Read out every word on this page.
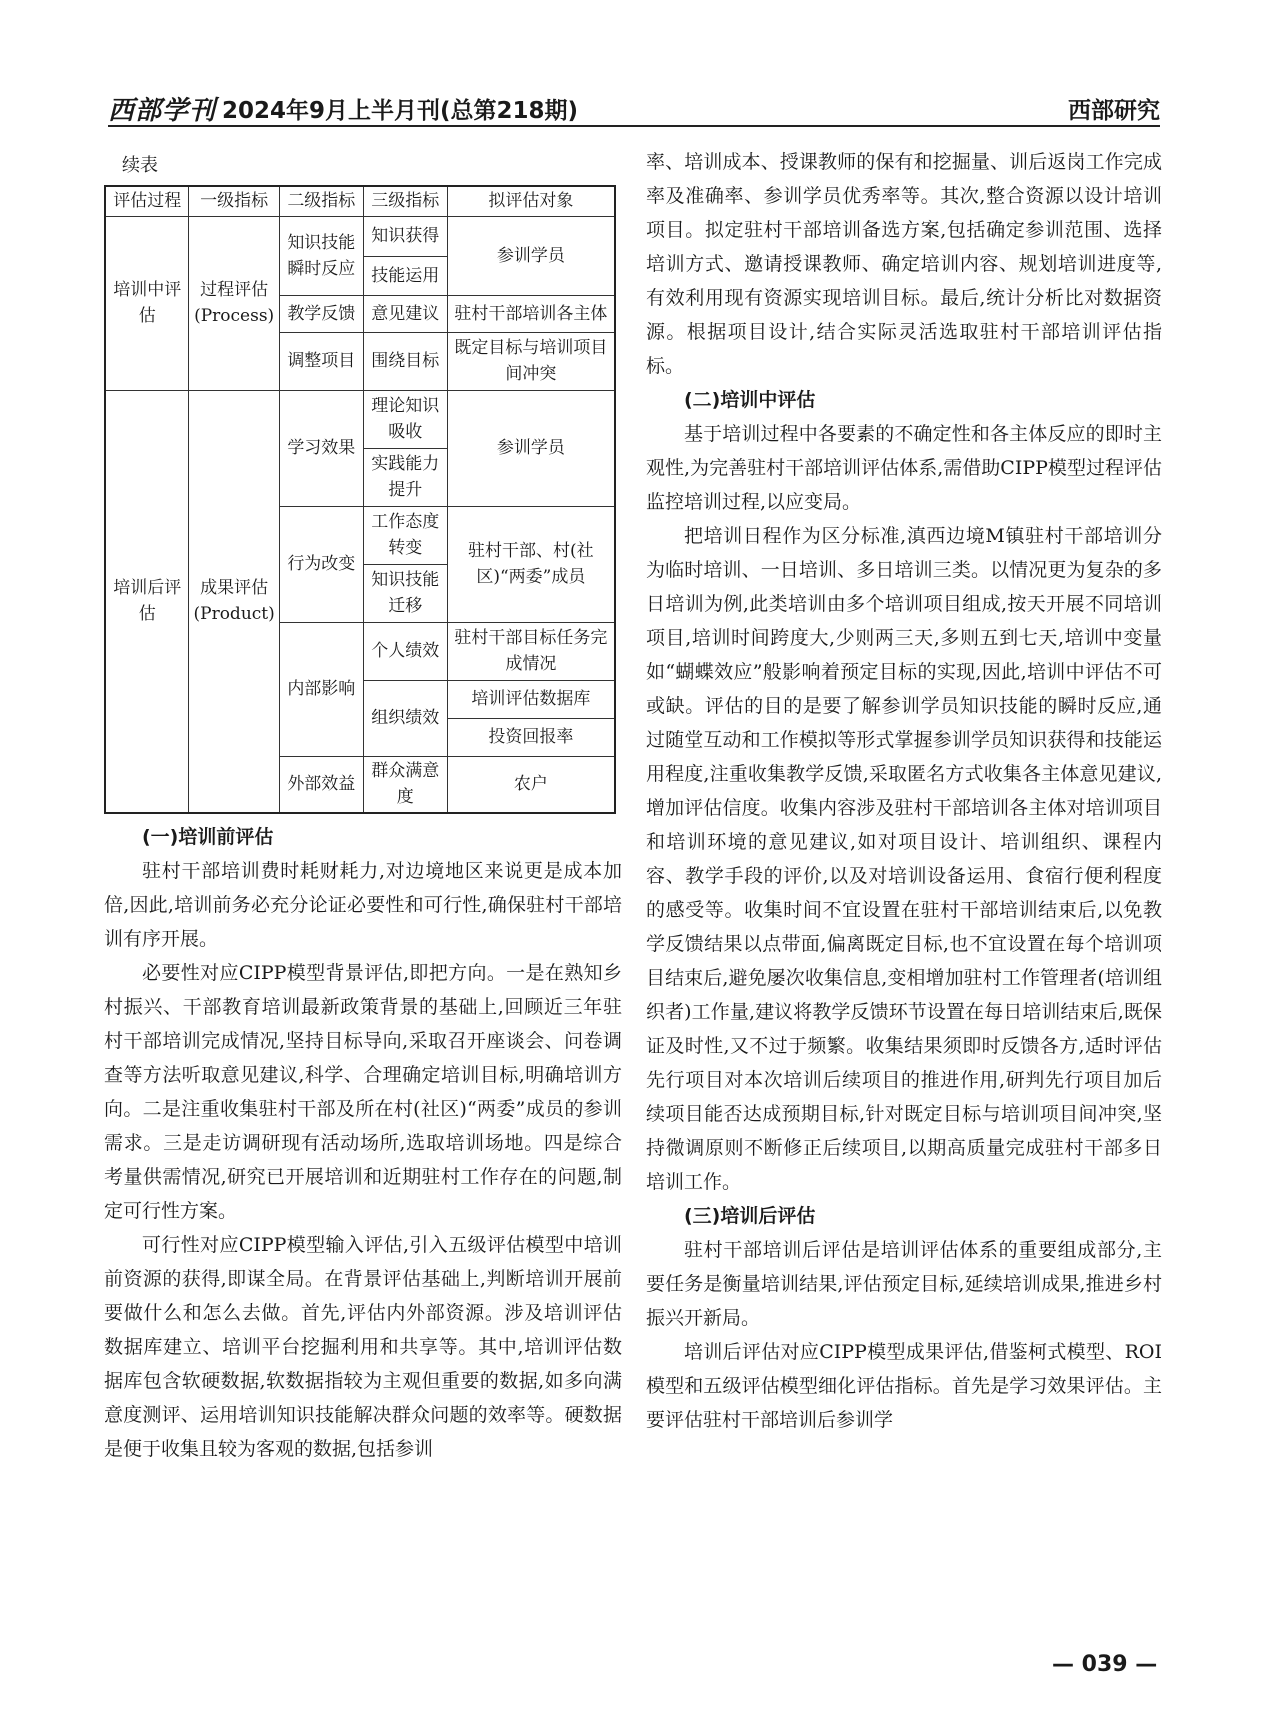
西部学刊 2024年9月上半月刊(总第218期)	西部研究
续表
评估过程	一级指标	二级指标	三级指标	拟评估对象
培训中评估	过程评估(Process)	知识技能瞬时反应	知识获得	参训学员
			技能运用	
		教学反馈	意见建议	驻村干部培训各主体
		调整项目	围绕目标	既定目标与培训项目间冲突
培训后评估	成果评估(Product)	学习效果	理论知识吸收	参训学员
			实践能力提升	
		行为改变	工作态度转变	驻村干部、村(社区)“两委”成员
			知识技能迁移	
		内部影响	个人绩效	驻村干部目标任务完成情况
			组织绩效	培训评估数据库
				投资回报率
		外部效益	群众满意度	农户
(一)培训前评估

驻村干部培训费时耗财耗力,对边境地区来说更是成本加倍,因此,培训前务必充分论证必要性和可行性,确保驻村干部培训有序开展。

必要性对应CIPP模型背景评估,即把方向。一是在熟知乡村振兴、干部教育培训最新政策背景的基础上,回顾近三年驻村干部培训完成情况,坚持目标导向,采取召开座谈会、问卷调查等方法听取意见建议,科学、合理确定培训目标,明确培训方向。二是注重收集驻村干部及所在村(社区)“两委”成员的参训需求。三是走访调研现有活动场所,选取培训场地。四是综合考量供需情况,研究已开展培训和近期驻村工作存在的问题,制定可行性方案。

可行性对应CIPP模型输入评估,引入五级评估模型中培训前资源的获得,即谋全局。在背景评估基础上,判断培训开展前要做什么和怎么去做。首先,评估内外部资源。涉及培训评估数据库建立、培训平台挖掘利用和共享等。其中,培训评估数据库包含软硬数据,软数据指较为主观但重要的数据,如多向满意度测评、运用培训知识技能解决群众问题的效率等。硬数据是便于收集且较为客观的数据,包括参训

率、培训成本、授课教师的保有和挖掘量、训后返岗工作完成率及准确率、参训学员优秀率等。其次,整合资源以设计培训项目。拟定驻村干部培训备选方案,包括确定参训范围、选择培训方式、邀请授课教师、确定培训内容、规划培训进度等,有效利用现有资源实现培训目标。最后,统计分析比对数据资源。根据项目设计,结合实际灵活选取驻村干部培训评估指标。

(二)培训中评估

基于培训过程中各要素的不确定性和各主体反应的即时主观性,为完善驻村干部培训评估体系,需借助CIPP模型过程评估监控培训过程,以应变局。

把培训日程作为区分标准,滇西边境M镇驻村干部培训分为临时培训、一日培训、多日培训三类。以情况更为复杂的多日培训为例,此类培训由多个培训项目组成,按天开展不同培训项目,培训时间跨度大,少则两三天,多则五到七天,培训中变量如“蝴蝶效应”般影响着预定目标的实现,因此,培训中评估不可或缺。评估的目的是要了解参训学员知识技能的瞬时反应,通过随堂互动和工作模拟等形式掌握参训学员知识获得和技能运用程度,注重收集教学反馈,采取匿名方式收集各主体意见建议,增加评估信度。收集内容涉及驻村干部培训各主体对培训项目和培训环境的意见建议,如对项目设计、培训组织、课程内容、教学手段的评价,以及对培训设备运用、食宿行便利程度的感受等。收集时间不宜设置在驻村干部培训结束后,以免教学反馈结果以点带面,偏离既定目标,也不宜设置在每个培训项目结束后,避免屡次收集信息,变相增加驻村工作管理者(培训组织者)工作量,建议将教学反馈环节设置在每日培训结束后,既保证及时性,又不过于频繁。收集结果须即时反馈各方,适时评估先行项目对本次培训后续项目的推进作用,研判先行项目加后续项目能否达成预期目标,针对既定目标与培训项目间冲突,坚持微调原则不断修正后续项目,以期高质量完成驻村干部多日培训工作。

(三)培训后评估

驻村干部培训后评估是培训评估体系的重要组成部分,主要任务是衡量培训结果,评估预定目标,延续培训成果,推进乡村振兴开新局。

培训后评估对应CIPP模型成果评估,借鉴柯式模型、ROI模型和五级评估模型细化评估指标。首先是学习效果评估。主要评估驻村干部培训后参训学

— 039 —
